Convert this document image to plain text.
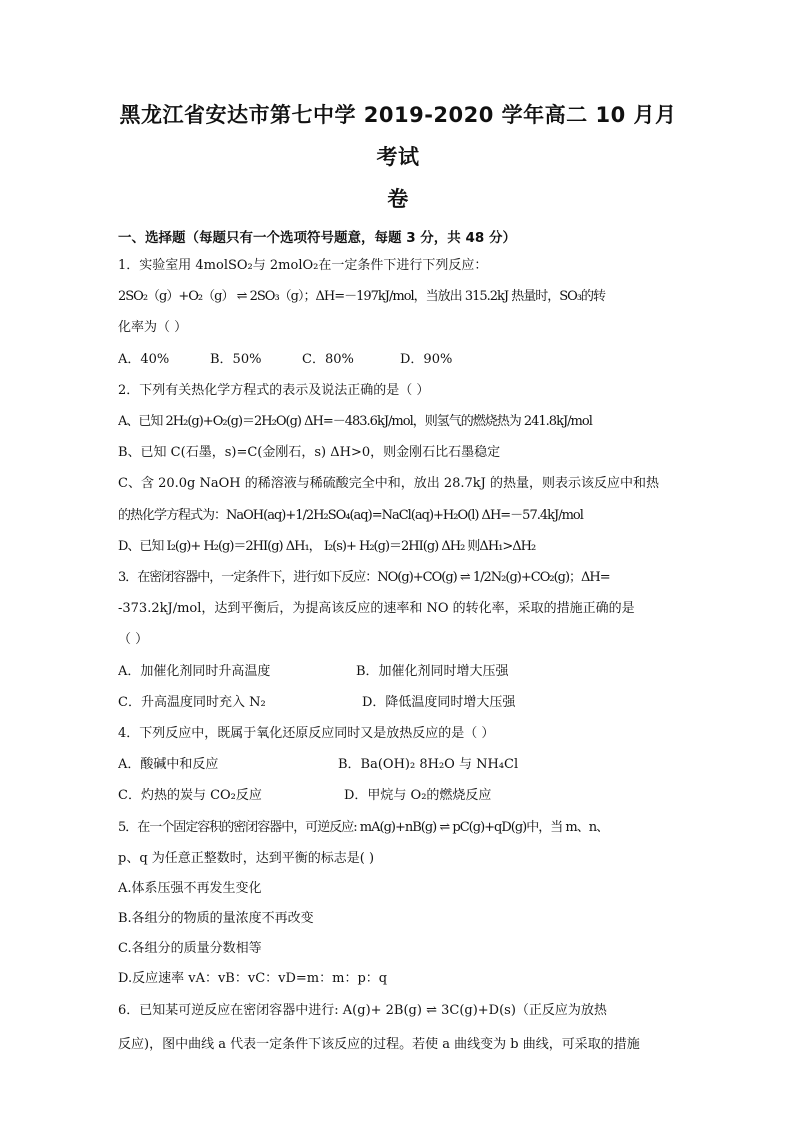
黑龙江省安达市第七中学 2019-2020 学年高二 10 月月考试
卷
一、选择题（每题只有一个选项符号题意，每题 3 分，共 48 分）
1．实验室用 4molSO₂与 2molO₂在一定条件下进行下列反应：
2SO₂（g）+O₂（g） ⇌ 2SO₃（g）；ΔH=－197kJ/mol，当放出 315.2kJ 热量时，SO₃的转
化率为（ ）
A．40%	B．50%	C．80%	D．90%
2．下列有关热化学方程式的表示及说法正确的是（ ）
A、已知 2H₂(g)+O₂(g)＝2H₂O(g) ΔH=－483.6kJ/mol，则氢气的燃烧热为 241.8kJ/mol
B、已知 C(石墨，s)=C(金刚石，s) ΔH>0，则金刚石比石墨稳定
C、含 20.0g NaOH 的稀溶液与稀硫酸完全中和，放出 28.7kJ 的热量，则表示该反应中和热
的热化学方程式为：NaOH(aq)+1/2H₂SO₄(aq)=NaCl(aq)+H₂O(l) ΔH=－57.4kJ/mol
D、已知 I₂(g)+ H₂(g)＝2HI(g) ΔH₁， I₂(s)+ H₂(g)＝2HI(g) ΔH₂ 则ΔH₁>ΔH₂
3．在密闭容器中，一定条件下，进行如下反应：NO(g)+CO(g) ⇌ 1/2N₂(g)+CO₂(g)；ΔH=
-373.2kJ/mol，达到平衡后，为提高该反应的速率和 NO 的转化率，采取的措施正确的是
（ ）
A．加催化剂同时升高温度	B．加催化剂同时增大压强
C．升高温度同时充入 N₂	D．降低温度同时增大压强
4．下列反应中，既属于氧化还原反应同时又是放热反应的是（ ）
A．酸碱中和反应	B．Ba(OH)₂ 8H₂O 与 NH₄Cl
C．灼热的炭与 CO₂反应	D．甲烷与 O₂的燃烧反应
5．在一个固定容积的密闭容器中，可逆反应: mA(g)+nB(g) ⇌ pC(g)+qD(g)中，当 m、n、
p、q 为任意正整数时，达到平衡的标志是( )
A.体系压强不再发生变化
B.各组分的物质的量浓度不再改变
C.各组分的质量分数相等
D.反应速率 vA：vB：vC：vD=m：m：p：q
6．已知某可逆反应在密闭容器中进行: A(g)+ 2B(g) ⇌ 3C(g)+D(s)（正反应为放热
反应)，图中曲线 a 代表一定条件下该反应的过程。若使 a 曲线变为 b 曲线，可采取的措施
